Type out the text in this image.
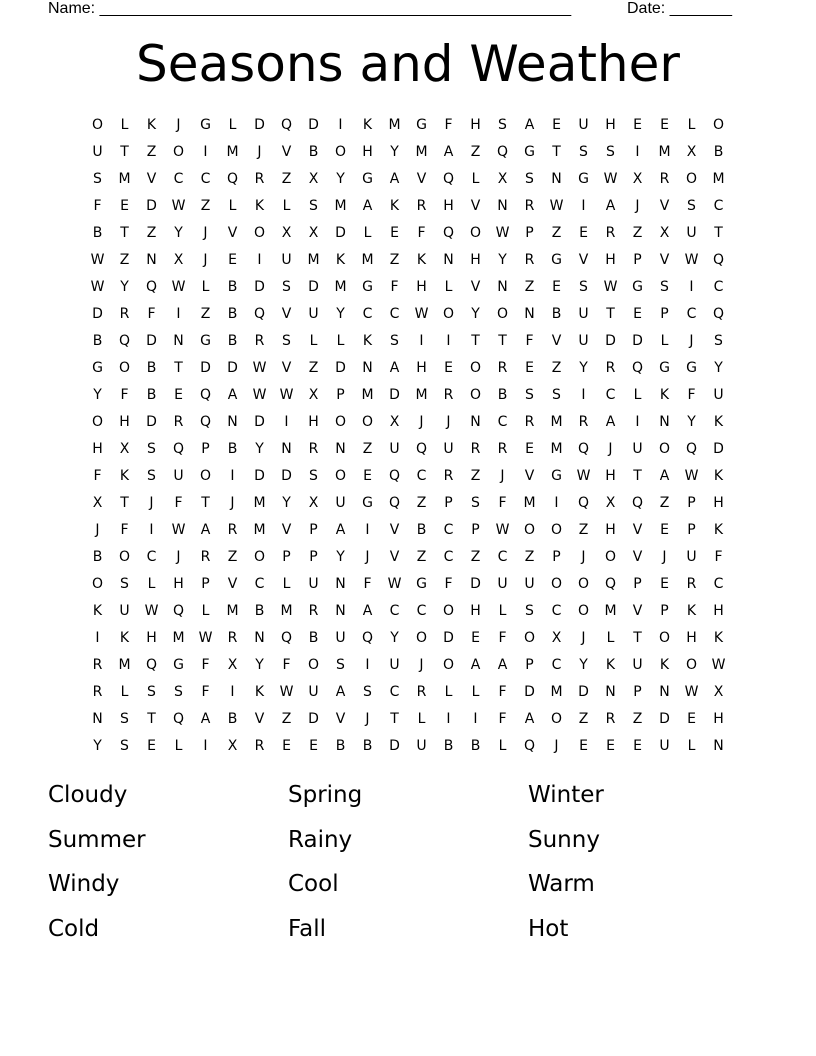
Name: _____________________________________________________	Date: _______
Seasons and Weather
O	L	K	J	G	L	D	Q	D	I	K	M	G	F	H	S	A	E	U	H	E	E	L	O
U	T	Z	O	I	M	J	V	B	O	H	Y	M	A	Z	Q	G	T	S	S	I	M	X	B
S	M	V	C	C	Q	R	Z	X	Y	G	A	V	Q	L	X	S	N	G	W	X	R	O	M
F	E	D	W	Z	L	K	L	S	M	A	K	R	H	V	N	R	W	I	A	J	V	S	C
B	T	Z	Y	J	V	O	X	X	D	L	E	F	Q	O	W	P	Z	E	R	Z	X	U	T
W	Z	N	X	J	E	I	U	M	K	M	Z	K	N	H	Y	R	G	V	H	P	V	W	Q
W	Y	Q	W	L	B	D	S	D	M	G	F	H	L	V	N	Z	E	S	W	G	S	I	C
D	R	F	I	Z	B	Q	V	U	Y	C	C	W	O	Y	O	N	B	U	T	E	P	C	Q
B	Q	D	N	G	B	R	S	L	L	K	S	I	I	T	T	F	V	U	D	D	L	J	S
G	O	B	T	D	D	W	V	Z	D	N	A	H	E	O	R	E	Z	Y	R	Q	G	G	Y
Y	F	B	E	Q	A	W W	X	P	M	D	M	R	O	B	S	S	I	C	L	K	F	U
O	H	D	R	Q	N	D	I	H	O	O	X	J	J	N	C	R	M	R	A	I	N	Y	K
H	X	S	Q	P	B	Y	N	R	N	Z	U	Q	U	R	R	E	M	Q	J	U	O	Q	D
F	K	S	U	O	I	D	D	S	O	E	Q	C	R	Z	J	V	G	W	H	T	A	W	K
X	T	J	F	T	J	M	Y	X	U	G	Q	Z	P	S	F	M	I	Q	X	Q	Z	P	H
J	F	I	W	A	R	M	V	P	A	I	V	B	C	P	W	O	O	Z	H	V	E	P	K
B	O	C	J	R	Z	O	P	P	Y	J	V	Z	C	Z	C	Z	P	J	O	V	J	U	F
O	S	L	H	P	V	C	L	U	N	F	W	G	F	D	U	U	O	O	Q	P	E	R	C
K	U	W	Q	L	M	B	M	R	N	A	C	C	O	H	L	S	C	O	M	V	P	K	H
I	K	H	M	W	R	N	Q	B	U	Q	Y	O	D	E	F	O	X	J	L	T	O	H	K
R	M	Q	G	F	X	Y	F	O	S	I	U	J	O	A	A	P	C	Y	K	U	K	O	W
R	L	S	S	F	I	K	W	U	A	S	C	R	L	L	F	D	M	D	N	P	N	W	X
N	S	T	Q	A	B	V	Z	D	V	J	T	L	I	I	F	A	O	Z	R	Z	D	E	H
Y	S	E	L	I	X	R	E	E	B	B	D	U	B	B	L	Q	J	E	E	E	U	L	N
Cloudy	Spring	Winter
Summer	Rainy	Sunny
Windy	Cool	Warm
Cold	Fall	Hot
